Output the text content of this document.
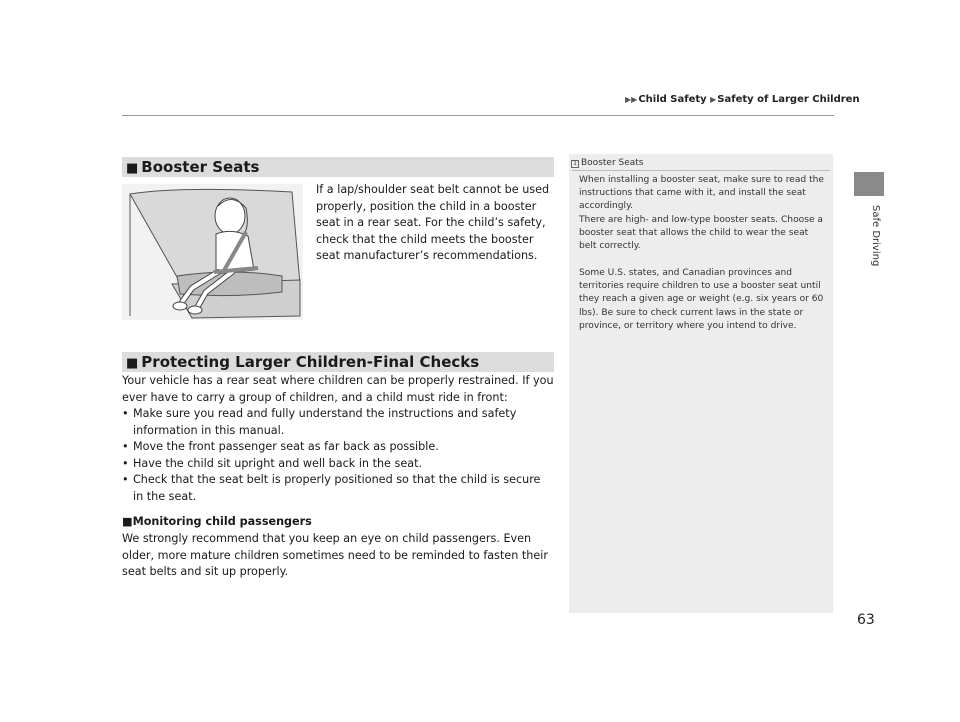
▶▶Child Safety ▶Safety of Larger Children
Safe Driving
■ Booster Seats
If a lap/shoulder seat belt cannot be used properly, position the child in a booster seat in a rear seat. For the child’s safety, check that the child meets the booster seat manufacturer’s recommendations.
■ Protecting Larger Children-Final Checks
Your vehicle has a rear seat where children can be properly restrained. If you ever have to carry a group of children, and a child must ride in front:
• Make sure you read and fully understand the instructions and safety information in this manual.
• Move the front passenger seat as far back as possible.
• Have the child sit upright and well back in the seat.
• Check that the seat belt is properly positioned so that the child is secure in the seat.
■Monitoring child passengers
We strongly recommend that you keep an eye on child passengers. Even older, more mature children sometimes need to be reminded to fasten their seat belts and sit up properly.
1 Booster Seats

When installing a booster seat, make sure to read the instructions that came with it, and install the seat accordingly.

There are high- and low-type booster seats. Choose a booster seat that allows the child to wear the seat belt correctly.

Some U.S. states, and Canadian provinces and territories require children to use a booster seat until they reach a given age or weight (e.g. six years or 60 lbs). Be sure to check current laws in the state or province, or territory where you intend to drive.

63
